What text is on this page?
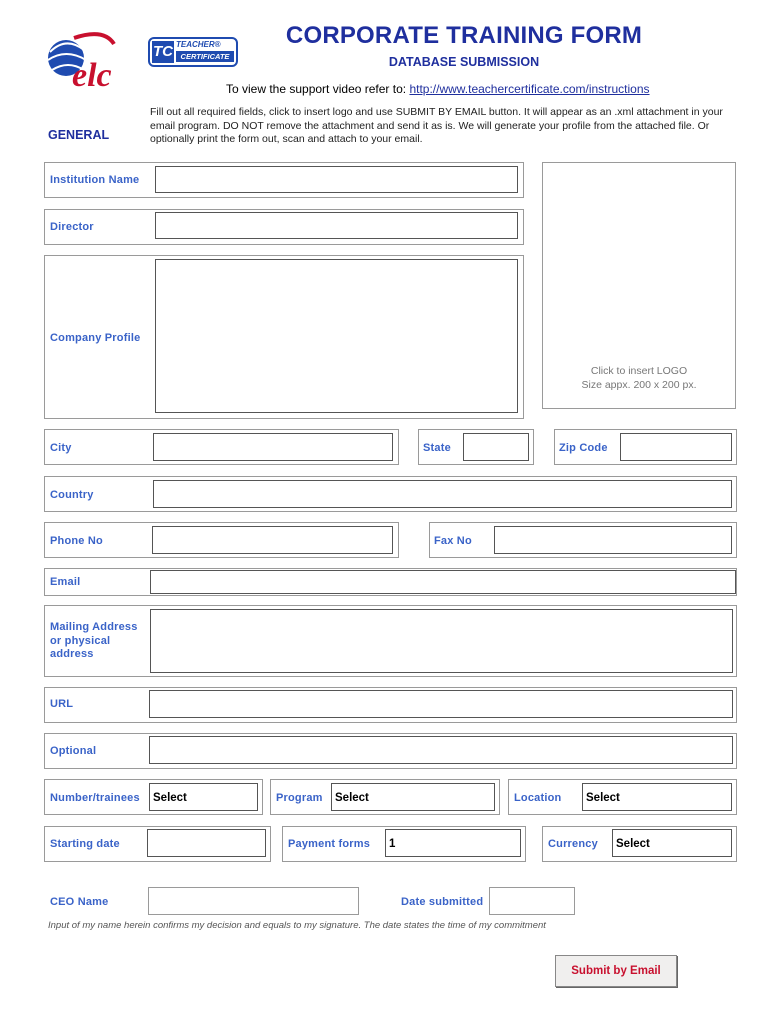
elc
TC TEACHER®
CERTIFICATE
CORPORATE TRAINING FORM
DATABASE SUBMISSION
To view the support video refer to: http://www.teachercertificate.com/instructions
Fill out all required fields, click to insert logo and use SUBMIT BY EMAIL button. It will appear as an .xml attachment in your email program. DO NOT remove the attachment and send it as is. We will generate your profile from the attached file. Or optionally print the form out, scan and attach to your email.
GENERAL
Click to insert LOGO
Size appx. 200 x 200 px.
Institution Name
Director
Company Profile
City	State	Zip Code
Country
Phone No	Fax No
Email
Mailing Address or physical address
URL
Optional
Number/trainees	Select	Program	Select	Location	Select
Starting date	Payment forms	1	Currency	Select
CEO Name	Date submitted
Input of my name herein confirms my decision and equals to my signature. The date states the time of my commitment
Submit by Email
